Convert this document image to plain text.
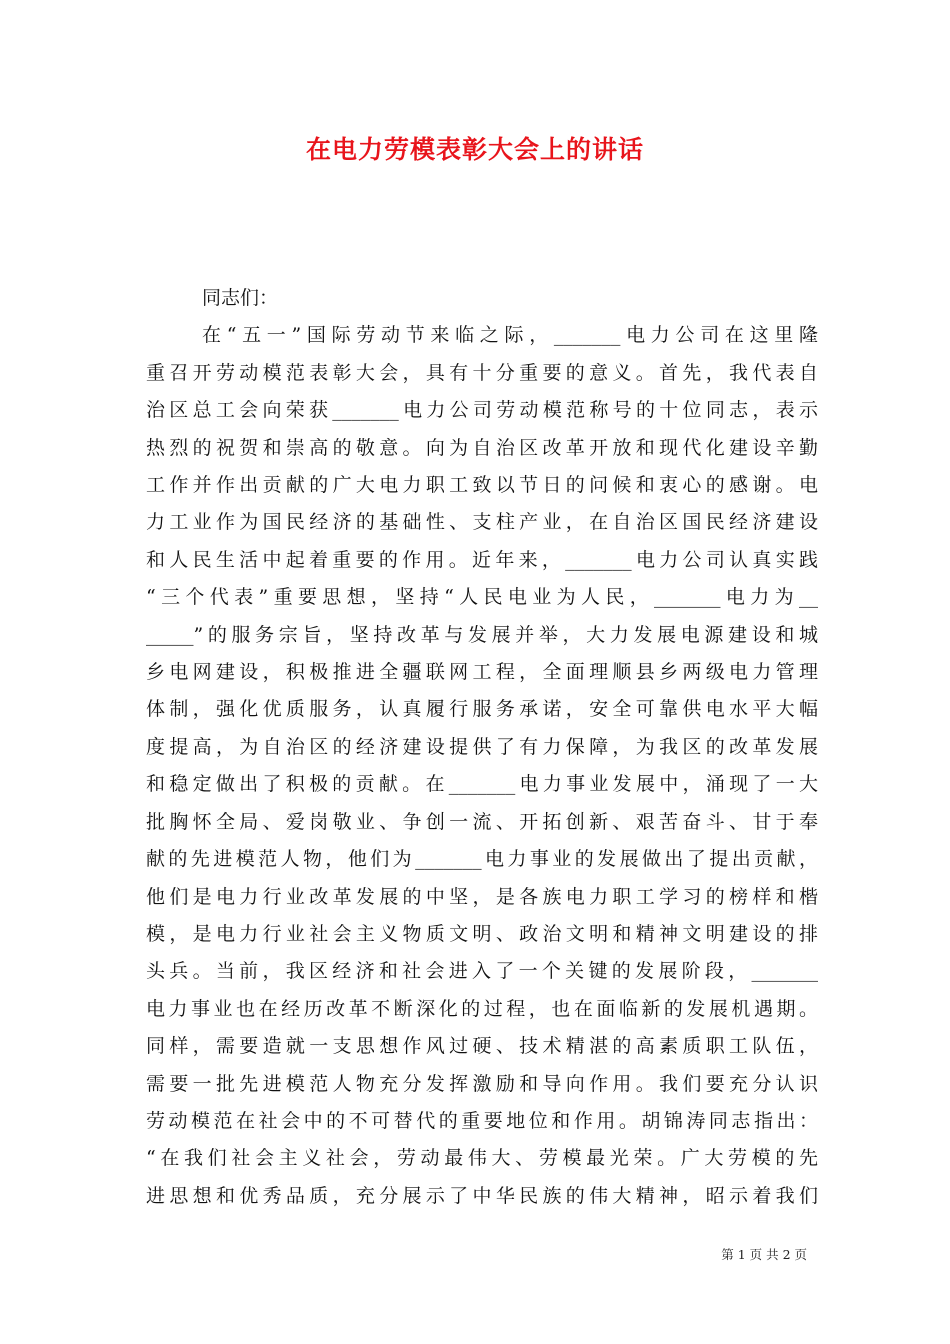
在电力劳模表彰大会上的讲话

同志们：

在“五一”国际劳动节来临之际，_______电力公司在这里隆

重召开劳动模范表彰大会，具有十分重要的意义。首先，我代表自

治区总工会向荣获_______电力公司劳动模范称号的十位同志，表示

热烈的祝贺和崇高的敬意。向为自治区改革开放和现代化建设辛勤

工作并作出贡献的广大电力职工致以节日的问候和衷心的感谢。电

力工业作为国民经济的基础性、支柱产业，在自治区国民经济建设

和人民生活中起着重要的作用。近年来，_______电力公司认真实践

“三个代表”重要思想，坚持“人民电业为人民，_______电力为__

_____”的服务宗旨，坚持改革与发展并举，大力发展电源建设和城

乡电网建设，积极推进全疆联网工程，全面理顺县乡两级电力管理

体制，强化优质服务，认真履行服务承诺，安全可靠供电水平大幅

度提高，为自治区的经济建设提供了有力保障，为我区的改革发展

和稳定做出了积极的贡献。在_______电力事业发展中，涌现了一大

批胸怀全局、爱岗敬业、争创一流、开拓创新、艰苦奋斗、甘于奉

献的先进模范人物，他们为_______电力事业的发展做出了提出贡献，

他们是电力行业改革发展的中坚，是各族电力职工学习的榜样和楷

模，是电力行业社会主义物质文明、政治文明和精神文明建设的排

头兵。当前，我区经济和社会进入了一个关键的发展阶段，_______

电力事业也在经历改革不断深化的过程，也在面临新的发展机遇期。

同样，需要造就一支思想作风过硬、技术精湛的高素质职工队伍，

需要一批先进模范人物充分发挥激励和导向作用。我们要充分认识

劳动模范在社会中的不可替代的重要地位和作用。胡锦涛同志指出：

“在我们社会主义社会，劳动最伟大、劳模最光荣。广大劳模的先

进思想和优秀品质，充分展示了中华民族的伟大精神，昭示着我们

第 1 页 共 2 页
